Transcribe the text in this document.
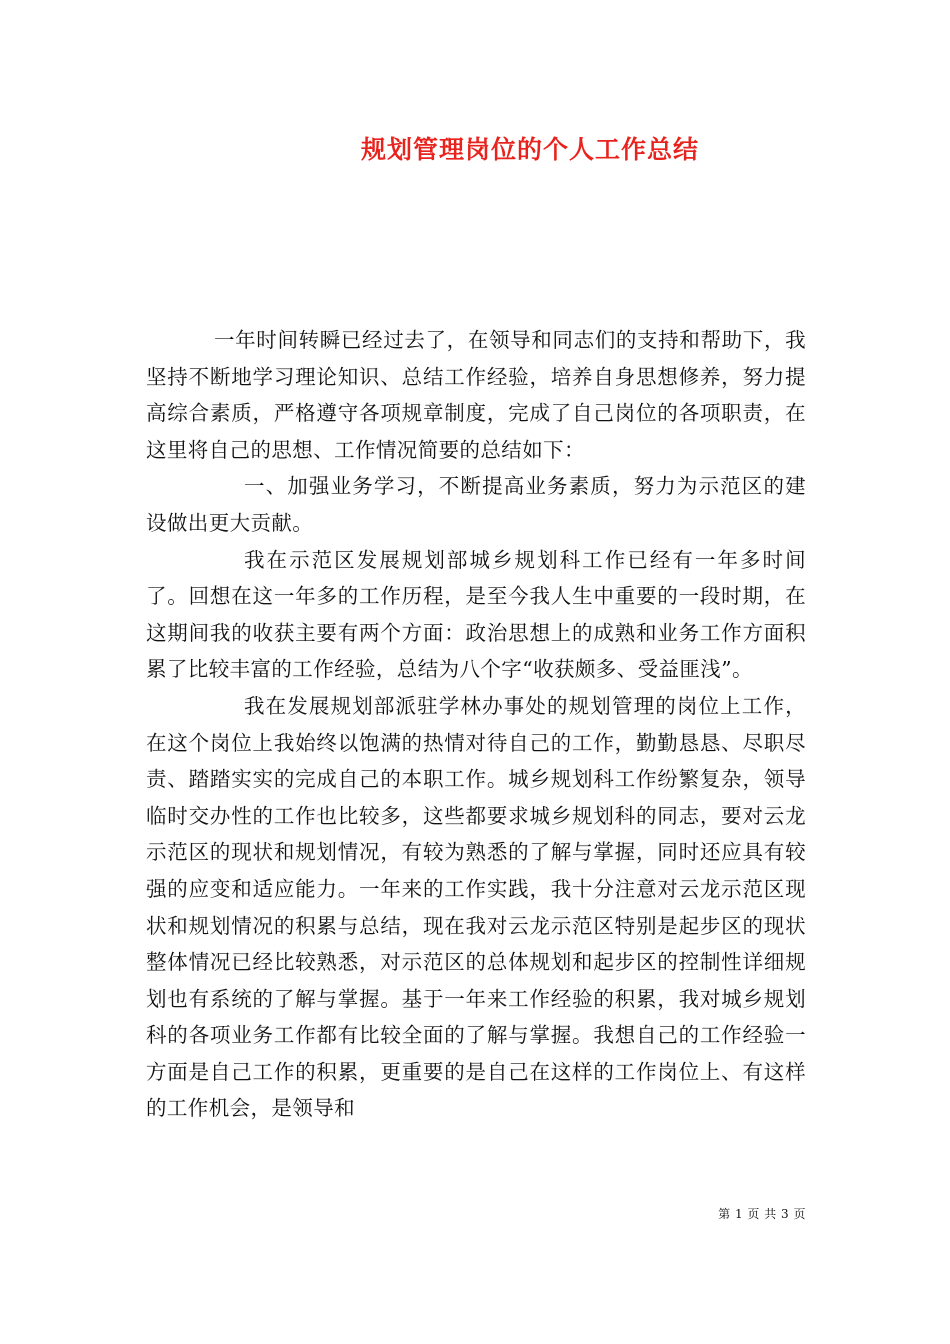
规划管理岗位的个人工作总结

一年时间转瞬已经过去了，在领导和同志们的支持和帮助下，我坚持不断地学习理论知识、总结工作经验，培养自身思想修养，努力提高综合素质，严格遵守各项规章制度，完成了自己岗位的各项职责，在这里将自己的思想、工作情况简要的总结如下：

一、加强业务学习，不断提高业务素质，努力为示范区的建设做出更大贡献。

我在示范区发展规划部城乡规划科工作已经有一年多时间了。回想在这一年多的工作历程，是至今我人生中重要的一段时期，在这期间我的收获主要有两个方面：政治思想上的成熟和业务工作方面积累了比较丰富的工作经验，总结为八个字“收获颇多、受益匪浅”。

我在发展规划部派驻学林办事处的规划管理的岗位上工作，在这个岗位上我始终以饱满的热情对待自己的工作，勤勤恳恳、尽职尽责、踏踏实实的完成自己的本职工作。城乡规划科工作纷繁复杂，领导临时交办性的工作也比较多，这些都要求城乡规划科的同志，要对云龙示范区的现状和规划情况，有较为熟悉的了解与掌握，同时还应具有较强的应变和适应能力。一年来的工作实践，我十分注意对云龙示范区现状和规划情况的积累与总结，现在我对云龙示范区特别是起步区的现状整体情况已经比较熟悉，对示范区的总体规划和起步区的控制性详细规划也有系统的了解与掌握。基于一年来工作经验的积累，我对城乡规划科的各项业务工作都有比较全面的了解与掌握。我想自己的工作经验一方面是自己工作的积累，更重要的是自己在这样的工作岗位上、有这样的工作机会，是领导和

第 1 页 共 3 页
